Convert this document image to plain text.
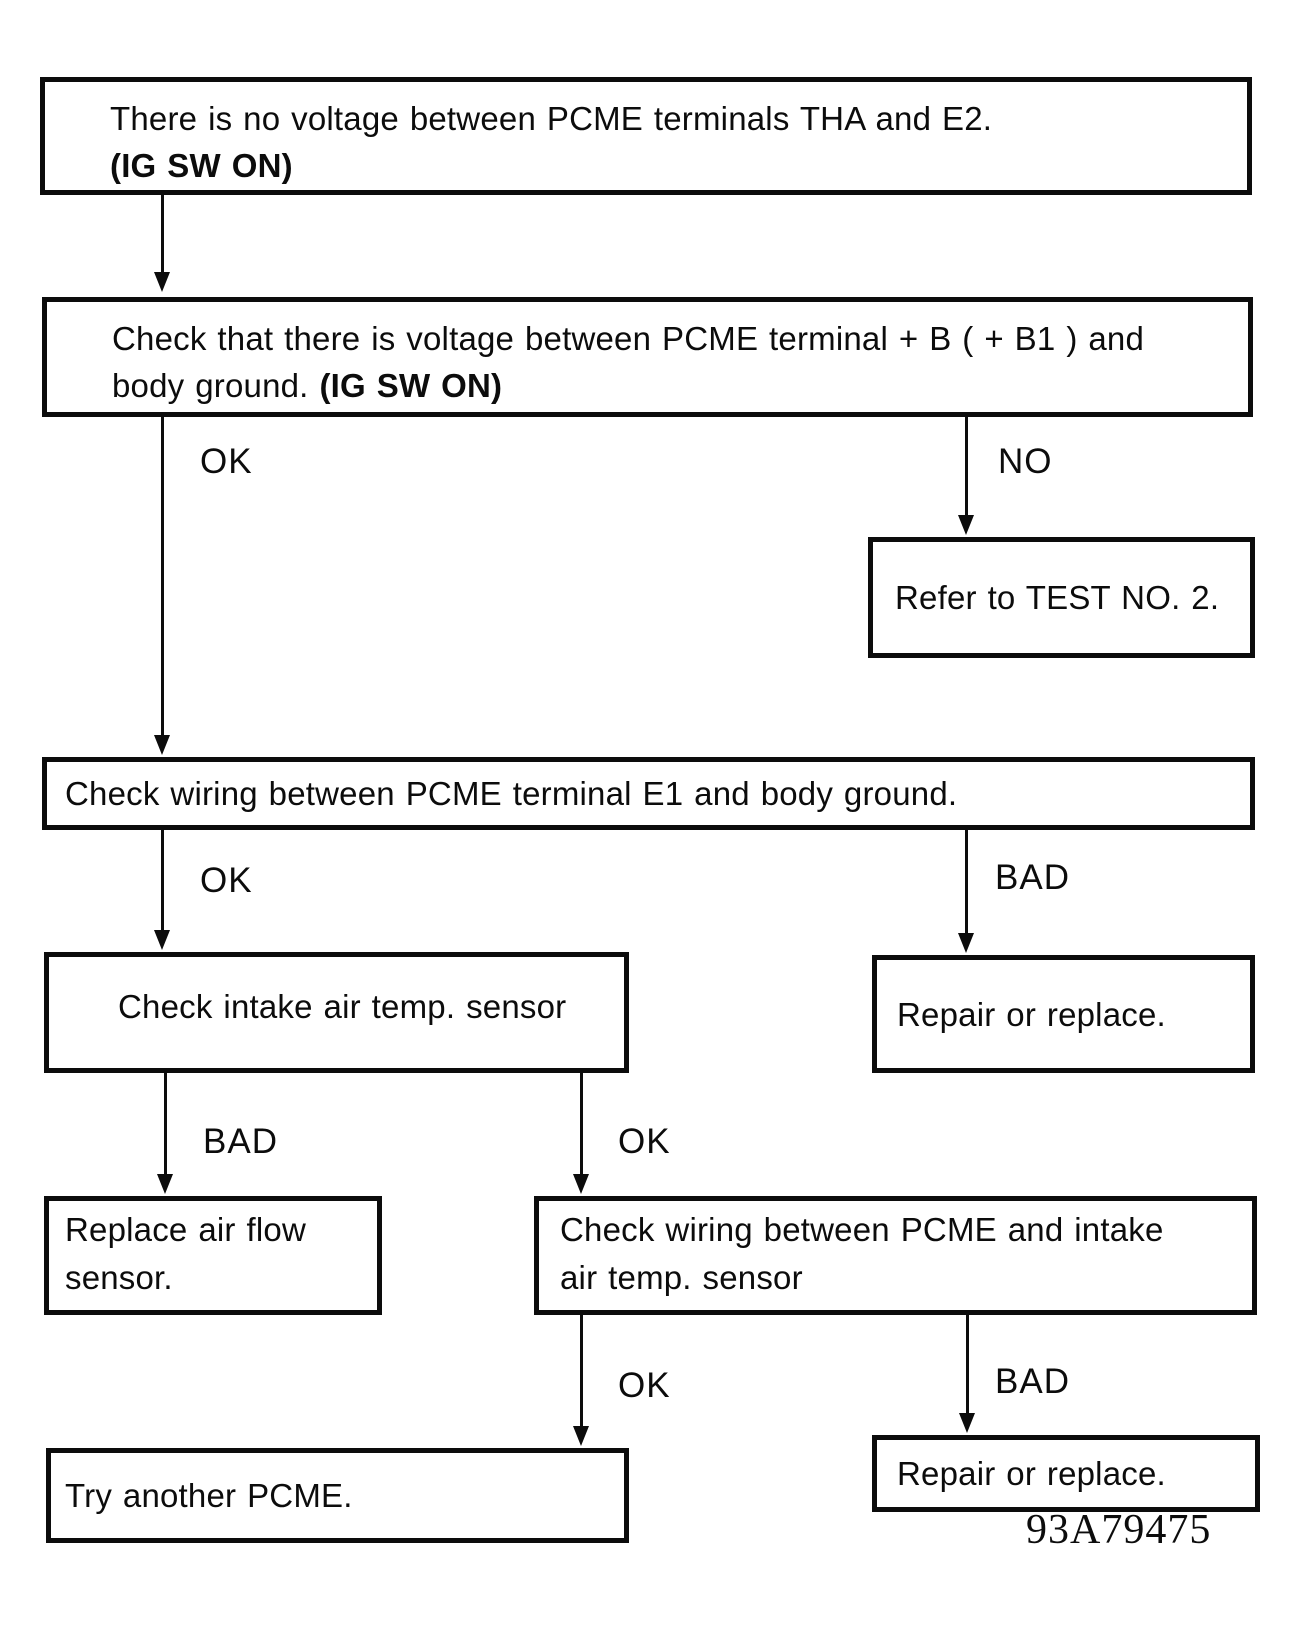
There is no voltage between PCME terminals THA and E2.
(IG SW ON)
Check that there is voltage between PCME terminal + B ( + B1 ) and
body ground. (IG SW ON)
OK	NO
Refer to TEST NO. 2.
Check wiring between PCME terminal E1 and body ground.
OK	BAD
Check intake air temp. sensor	Repair or replace.
BAD	OK
Replace air flow
sensor.
Check wiring between PCME and intake
air temp. sensor
OK	BAD
Try another PCME.
Repair or replace.
93A79475
